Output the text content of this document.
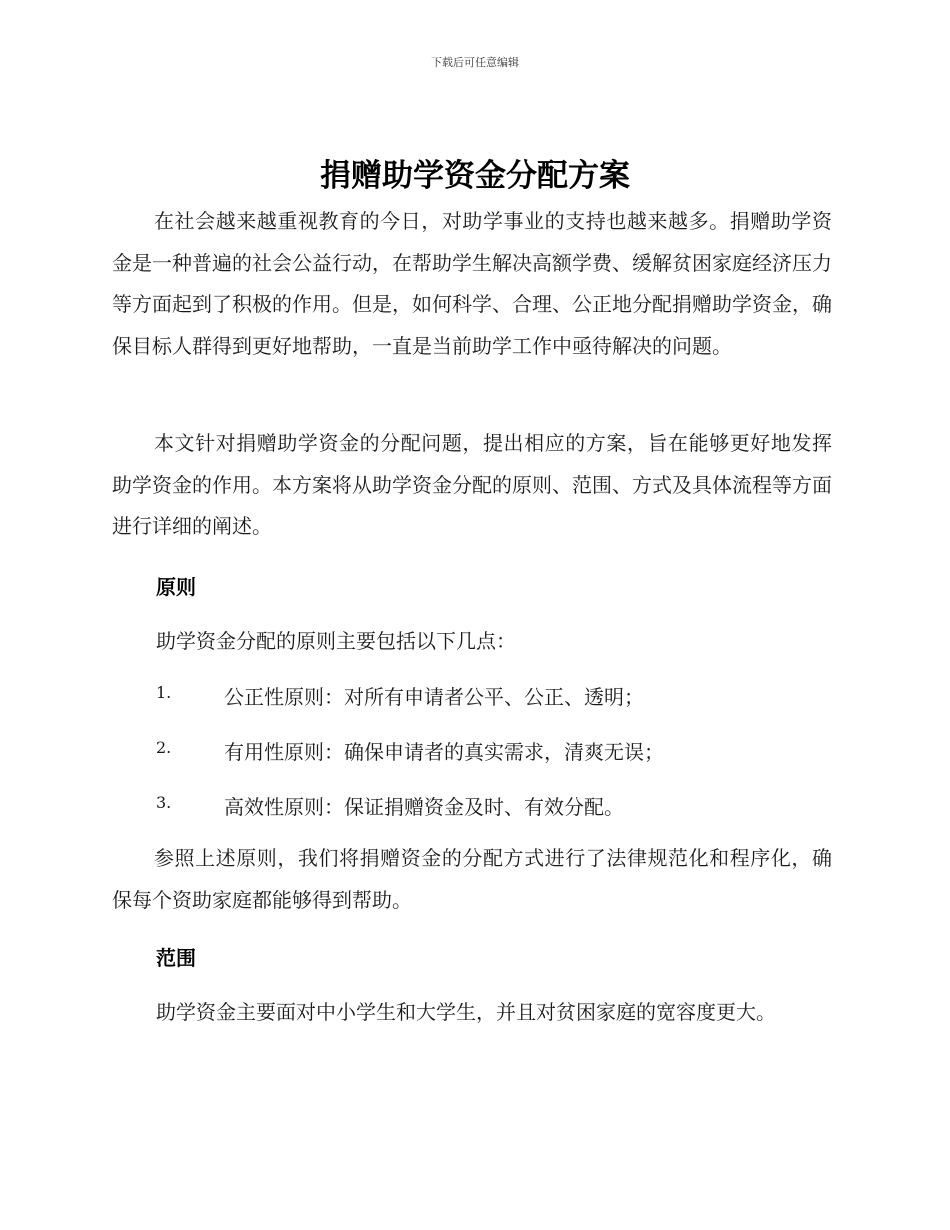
下载后可任意编辑
捐赠助学资金分配方案

在社会越来越重视教育的今日，对助学事业的支持也越来越多。捐赠助学资金是一种普遍的社会公益行动，在帮助学生解决高额学费、缓解贫困家庭经济压力等方面起到了积极的作用。但是，如何科学、合理、公正地分配捐赠助学资金，确保目标人群得到更好地帮助，一直是当前助学工作中亟待解决的问题。

本文针对捐赠助学资金的分配问题，提出相应的方案，旨在能够更好地发挥助学资金的作用。本方案将从助学资金分配的原则、范围、方式及具体流程等方面进行详细的阐述。

原则
助学资金分配的原则主要包括以下几点：
1.	公正性原则：对所有申请者公平、公正、透明；
2.	有用性原则：确保申请者的真实需求，清爽无误；
3.	高效性原则：保证捐赠资金及时、有效分配。

参照上述原则，我们将捐赠资金的分配方式进行了法律规范化和程序化，确保每个资助家庭都能够得到帮助。

范围
助学资金主要面对中小学生和大学生，并且对贫困家庭的宽容度更大。
